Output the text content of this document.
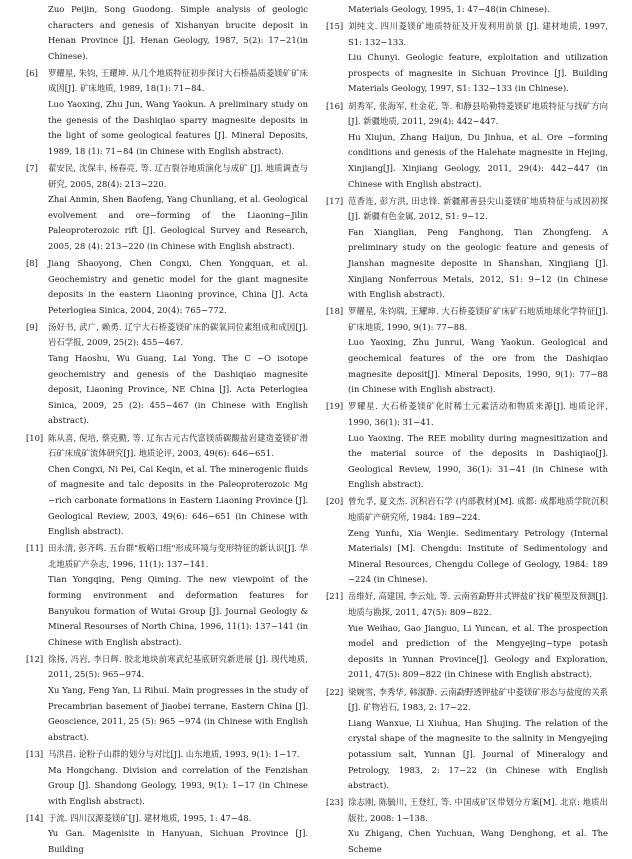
Zuo Peijin, Song Guodong. Simple analysis of geologic characters and genesis of Xishanyan brucite deposit in Henan Province [J]. Henan Geology, 1987, 5(2): 17−21(in Chinese).
[6]	罗耀星, 朱钧, 王耀坤. 从几个地质特征初步探讨大石桥晶质菱镁矿矿床成因[J]. 矿床地质, 1989, 18(1): 71−84.
Luo Yaoxing, Zhu Jun, Wang Yaokun. A preliminary study on the genesis of the Dashiqiao sparry magnesite deposits in the light of some geological features [J]. Mineral Deposits, 1989, 18 (1): 71−84 (in Chinese with English abstract).
[7]	翟安民, 沈保丰, 杨春亮, 等. 辽吉裂谷地质演化与成矿 [J]. 地质调查与研究, 2005, 28(4): 213−220.
Zhai Anmin, Shen Baofeng, Yang Chunliang, et al. Geological evolvement and ore−forming of the Liaoning−Jilin Paleoproterozoic rift [J]. Geological Survey and Research, 2005, 28 (4): 213−220 (in Chinese with English abstract).
[8]	Jiang Shaoyong, Chen Congxi, Chen Yongquan, et al. Geochemistry and genetic model for the giant magnesite deposits in the eastern Liaoning province, China [J]. Acta Peterlogiea Sinica, 2004, 20(4): 765−772.
[9]	汤好书, 武广, 赖勇. 辽宁大石桥菱镁矿床的碳氧同位素组成和成因[J]. 岩石学报, 2009, 25(2): 455−467.
Tang Haoshu, Wu Guang, Lai Yong. The C −O isotope geochemistry and genesis of the Dashiqiao magnesite deposit, Liaoning Province, NE China [J]. Acta Peterlogiea Sinica, 2009, 25 (2): 455−467 (in Chinese with English abstract).
[10] 陈从喜, 倪培, 蔡克勤, 等. 辽东古元古代富镁质碳酸盐岩建造菱镁矿滑石矿床成矿流体研究[J]. 地质论评, 2003, 49(6): 646−651.
Chen Congxi, Ni Pei, Cai Keqin, et al. The minerogenic fluids of magnesite and talc deposits in the Paleoproterozoic Mg −rich carbonate formations in Eastern Liaoning Province [J]. Geological Review, 2003, 49(6): 646−651 (in Chinese with English abstract).
[11] 田永清, 彭齐鸣. 五台群"板峪口组"形成环境与变形特征的新认识[J]. 华北地质矿产杂志, 1996, 11(1): 137−141.
Tian Yongqing, Peng Qiming. The new viewpoint of the forming environment and deformation features for Banyukou formation of Wutai Group [J]. Journal Geologiy & Mineral Resourses of North China, 1996, 11(1): 137−141 (in Chinese with English abstract).
[12] 徐扬, 冯岩, 李日辉. 胶北地块前寒武纪基底研究新进展 [J]. 现代地质, 2011, 25(5): 965−974.
Xu Yang, Feng Yan, Li Rihui. Main progresses in the study of Precambrian basement of Jiaobei terrane, Eastern China [J]. Geoscience, 2011, 25 (5): 965 −974 (in Chinese with English abstract).
[13] 马洪昌. 论粉子山群的划分与对比[J]. 山东地质, 1993, 9(1): 1−17.
Ma Hongchang. Division and correlation of the Fenzishan Group [J]. Shandong Geology, 1993, 9(1): 1−17 (in Chinese with English abstract).
[14] 于流. 四川汉源菱镁矿[J]. 建材地质, 1995, 1: 47−48.
Yu Gan. Magenisite in Hanyuan, Sichuan Province [J]. Building
Materials Geology, 1995, 1: 47−48(in Chinese).
[15] 刘纯文. 四川菱镁矿地质特征及开发利用前景 [J]. 建材地质, 1997, S1: 132−133.
Liu Chunyi. Geologic feature, exploitation and utilization prospects of magnesite in Sichuan Province [J]. Building Materials Geology, 1997, S1: 132−133 (in Chinese).
[16] 胡秀军, 张海军, 杜金花, 等. 和静县哈勒特菱镁矿地质特征与找矿方向[J]. 新疆地质, 2011, 29(4): 442−447.
Hu Xiujun, Zhang Haijun, Du Jinhua, et al. Ore −forming conditions and genesis of the Halehate magnesite in Hejing, Xinjiang[J]. Xinjiang Geology, 2011, 29(4): 442−447 (in Chinese with English abstract).
[17] 范香连, 彭方洪, 田忠锋. 新疆鄯善县尖山菱镁矿地质特征与成因初探[J]. 新疆有色金属, 2012, S1: 9−12.
Fan Xianglian, Peng Fanghong, Tian Zhongfeng. A preliminary study on the geologic feature and genesis of Jianshan magnesite deposite in Shanshan, Xingjiang [J]. Xinjiang Nonferrous Metals, 2012, S1: 9−12 (in Chinese with English abstract).
[18] 罗耀星, 朱钧瑞, 王耀坤. 大石桥菱镁矿矿床矿石地质地球化学特征[J]. 矿床地质, 1990, 9(1): 77−88.
Luo Yaoxing, Zhu Junrui, Wang Yaokun. Geological and geochemical features of the ore from the Dashiqiao magnesite deposit[J]. Mineral Deposits, 1990, 9(1): 77−88 (in Chinese with English abstract).
[19] 罗耀星. 大石桥菱镁矿化时稀土元素活动和物质来源[J]. 地质论评, 1990, 36(1): 31−41.
Luo Yaoxing. The REE mobility during magnesitization and the material source of the deposits in Dashiqiao[J]. Geological Review, 1990, 36(1): 31−41 (in Chinese with English abstract).
[20] 曾允孚, 夏文杰. 沉积岩石学 (内部教材)[M]. 成都: 成都地质学院沉积地质矿产研究所, 1984: 189−224.
Zeng Yunfu, Xia Wenjie. Sedimentary Petrology (Internal Materials) [M]. Chengdu: Institute of Sedimentology and Mineral Resources, Chengdu College of Geology, 1984: 189 −224 (in Chinese).
[21] 岳维好, 高建国, 李云灿, 等. 云南省勐野井式钾盐矿找矿模型及预测[J]. 地质与勘探, 2011, 47(5): 809−822.
Yue Weihao, Gao Jianguo, Li Yuncan, et al. The prospection model and prediction of the Mengyejing−type potash deposits in Yunnan Province[J]. Geology and Exploration, 2011, 47(5): 809−822 (in Chinese with English abstract).
[22] 梁婉雪, 李秀华, 韩淑静. 云南勐野透钾盐矿中菱镁矿形态与盐度的关系[J]. 矿物岩石, 1983, 2: 17−22.
Liang Wanxue, Li Xiuhua, Han Shujing. The relation of the crystal shape of the magnesite to the salinity in Mengyejing potassium salt, Yunnan [J]. Journal of Mineralogy and Petrology, 1983, 2: 17−22 (in Chinese with English abstract).
[23] 徐志刚, 陈毓川, 王登红, 等. 中国成矿区带划分方案[M]. 北京: 地质出版社, 2008: 1−138.
Xu Zhigang, Chen Yuchuan, Wang Denghong, et al. The Scheme
